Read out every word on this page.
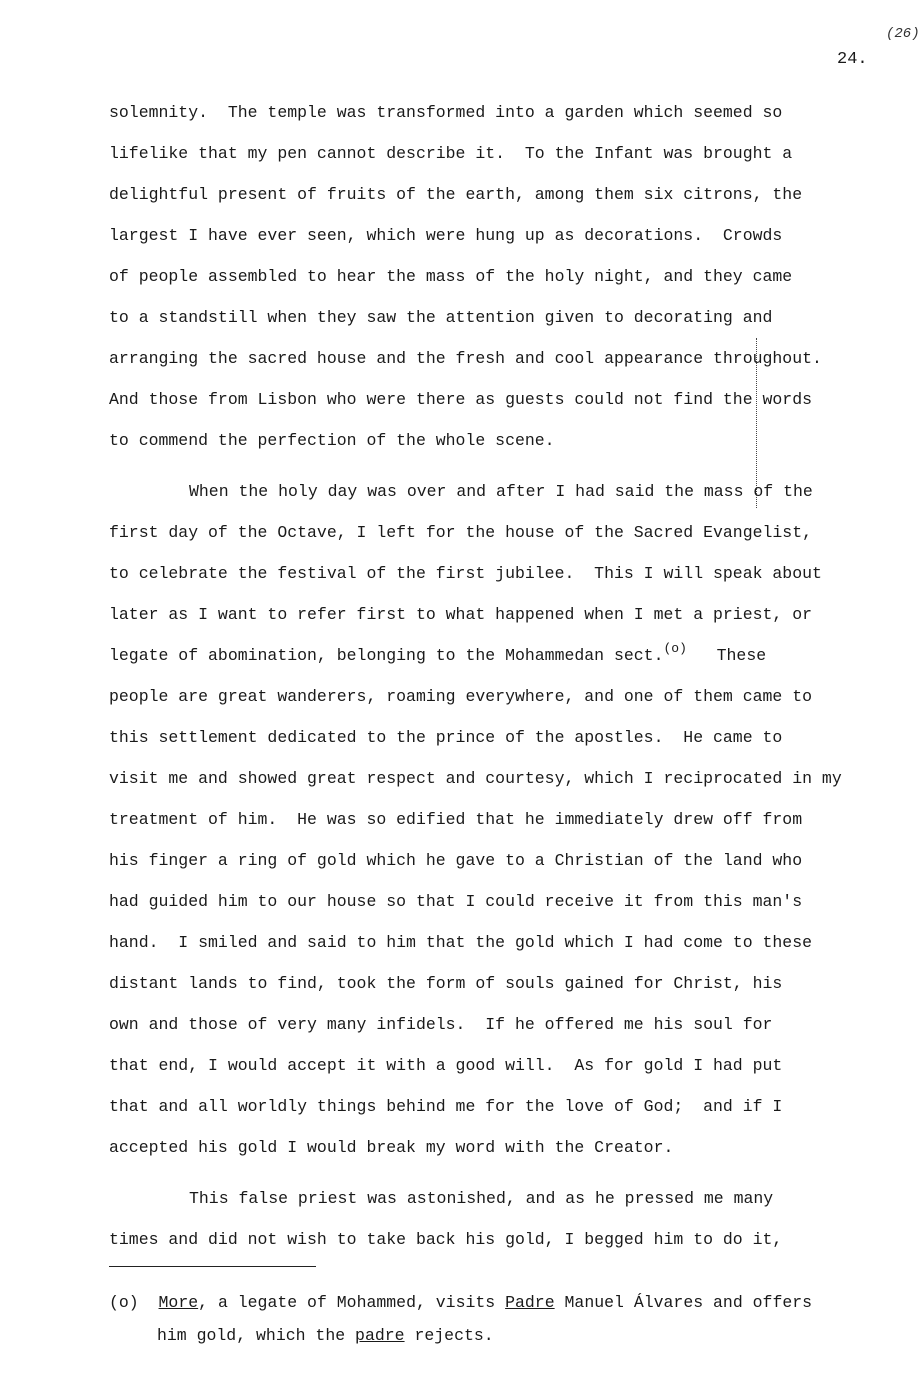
(26)
24.
solemnity.  The temple was transformed into a garden which seemed so
lifelike that my pen cannot describe it.  To the Infant was brought a
delightful present of fruits of the earth, among them six citrons, the
largest I have ever seen, which were hung up as decorations.  Crowds
of people assembled to hear the mass of the holy night, and they came
to a standstill when they saw the attention given to decorating and
arranging the sacred house and the fresh and cool appearance throughout.
And those from Lisbon who were there as guests could not find the words
to commend the perfection of the whole scene.
When the holy day was over and after I had said the mass of the
first day of the Octave, I left for the house of the Sacred Evangelist,
to celebrate the festival of the first jubilee.  This I will speak about
later as I want to refer first to what happened when I met a priest, or
legate of abomination, belonging to the Mohammedan sect.$^{(o)}$   These
people are great wanderers, roaming everywhere, and one of them came to
this settlement dedicated to the prince of the apostles.  He came to
visit me and showed great respect and courtesy, which I reciprocated in my
treatment of him.  He was so edified that he immediately drew off from
his finger a ring of gold which he gave to a Christian of the land who
had guided him to our house so that I could receive it from this man's
hand.  I smiled and said to him that the gold which I had come to these
distant lands to find, took the form of souls gained for Christ, his
own and those of very many infidels.  If he offered me his soul for
that end, I would accept it with a good will.  As for gold I had put
that and all worldly things behind me for the love of God;  and if I
accepted his gold I would break my word with the Creator.
This false priest was astonished, and as he pressed me many
times and did not wish to take back his gold, I begged him to do it,
(o) More, a legate of Mohammed, visits Padre Manuel Álvares and offers
him gold, which the padre rejects.
